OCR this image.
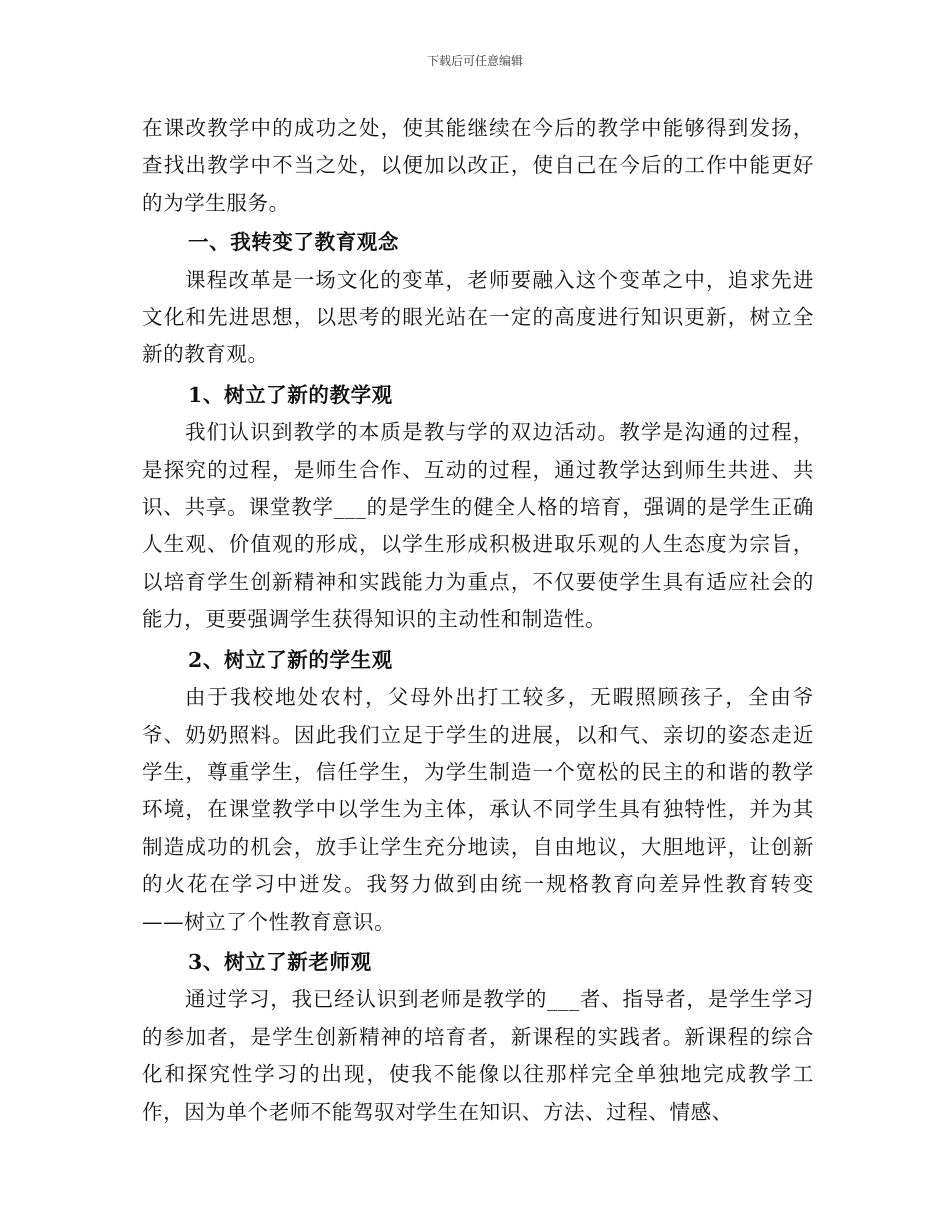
下载后可任意编辑

在课改教学中的成功之处，使其能继续在今后的教学中能够得到发扬，查找出教学中不当之处，以便加以改正，使自己在今后的工作中能更好的为学生服务。

一、我转变了教育观念

课程改革是一场文化的变革，老师要融入这个变革之中，追求先进文化和先进思想，以思考的眼光站在一定的高度进行知识更新，树立全新的教育观。

1、树立了新的教学观

我们认识到教学的本质是教与学的双边活动。教学是沟通的过程，是探究的过程，是师生合作、互动的过程，通过教学达到师生共进、共识、共享。课堂教学___的是学生的健全人格的培育，强调的是学生正确人生观、价值观的形成，以学生形成积极进取乐观的人生态度为宗旨，以培育学生创新精神和实践能力为重点，不仅要使学生具有适应社会的能力，更要强调学生获得知识的主动性和制造性。

2、树立了新的学生观

由于我校地处农村，父母外出打工较多，无暇照顾孩子，全由爷爷、奶奶照料。因此我们立足于学生的进展，以和气、亲切的姿态走近学生，尊重学生，信任学生，为学生制造一个宽松的民主的和谐的教学环境，在课堂教学中以学生为主体，承认不同学生具有独特性，并为其制造成功的机会，放手让学生充分地读，自由地议，大胆地评，让创新的火花在学习中迸发。我努力做到由统一规格教育向差异性教育转变——树立了个性教育意识。

3、树立了新老师观

通过学习，我已经认识到老师是教学的___者、指导者，是学生学习的参加者，是学生创新精神的培育者，新课程的实践者。新课程的综合化和探究性学习的出现，使我不能像以往那样完全单独地完成教学工作，因为单个老师不能驾驭对学生在知识、方法、过程、情感、
